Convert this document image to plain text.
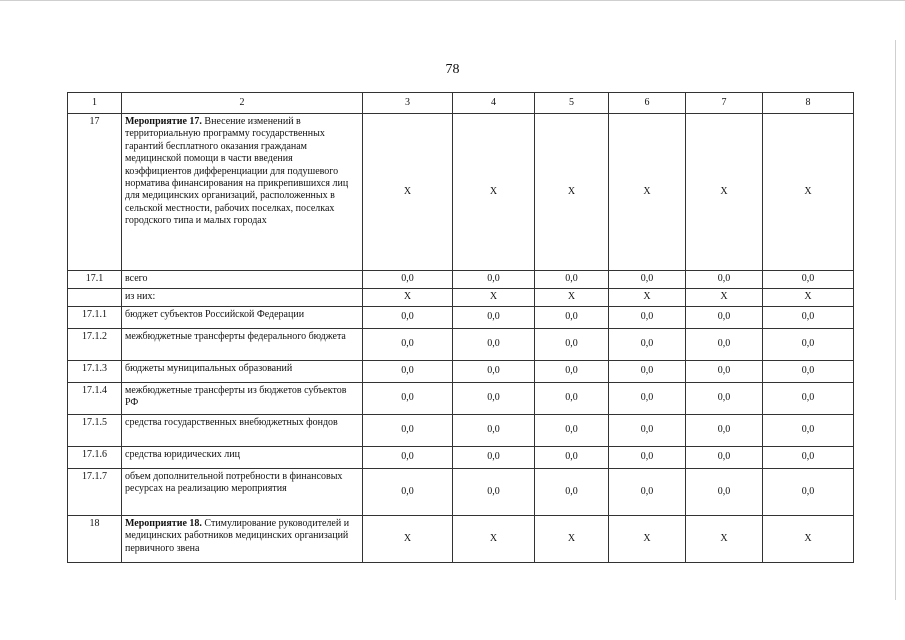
78
1	2	3	4	5	6	7	8
17	Мероприятие 17. Внесение изменений в территориальную программу государственных гарантий бесплатного оказания гражданам медицинской помощи в части введения коэффициентов дифференциации для подушевого норматива финансирования на прикрепившихся лиц для медицинских организаций, расположенных в сельской местности, рабочих поселках, поселках городского типа и малых городах	X	X	X	X	X	X
17.1	всего	0,0	0,0	0,0	0,0	0,0	0,0
	из них:	X	X	X	X	X	X
17.1.1	бюджет субъектов Российской Федерации	0,0	0,0	0,0	0,0	0,0	0,0
17.1.2	межбюджетные трансферты федерального бюджета	0,0	0,0	0,0	0,0	0,0	0,0
17.1.3	бюджеты муниципальных образований	0,0	0,0	0,0	0,0	0,0	0,0
17.1.4	межбюджетные трансферты из бюджетов субъектов РФ	0,0	0,0	0,0	0,0	0,0	0,0
17.1.5	средства государственных внебюджетных фондов	0,0	0,0	0,0	0,0	0,0	0,0
17.1.6	средства юридических лиц	0,0	0,0	0,0	0,0	0,0	0,0
17.1.7	объем дополнительной потребности в финансовых ресурсах на реализацию мероприятия	0,0	0,0	0,0	0,0	0,0	0,0
18	Мероприятие 18. Стимулирование руководителей и медицинских работников медицинских организаций первичного звена	X	X	X	X	X	X
